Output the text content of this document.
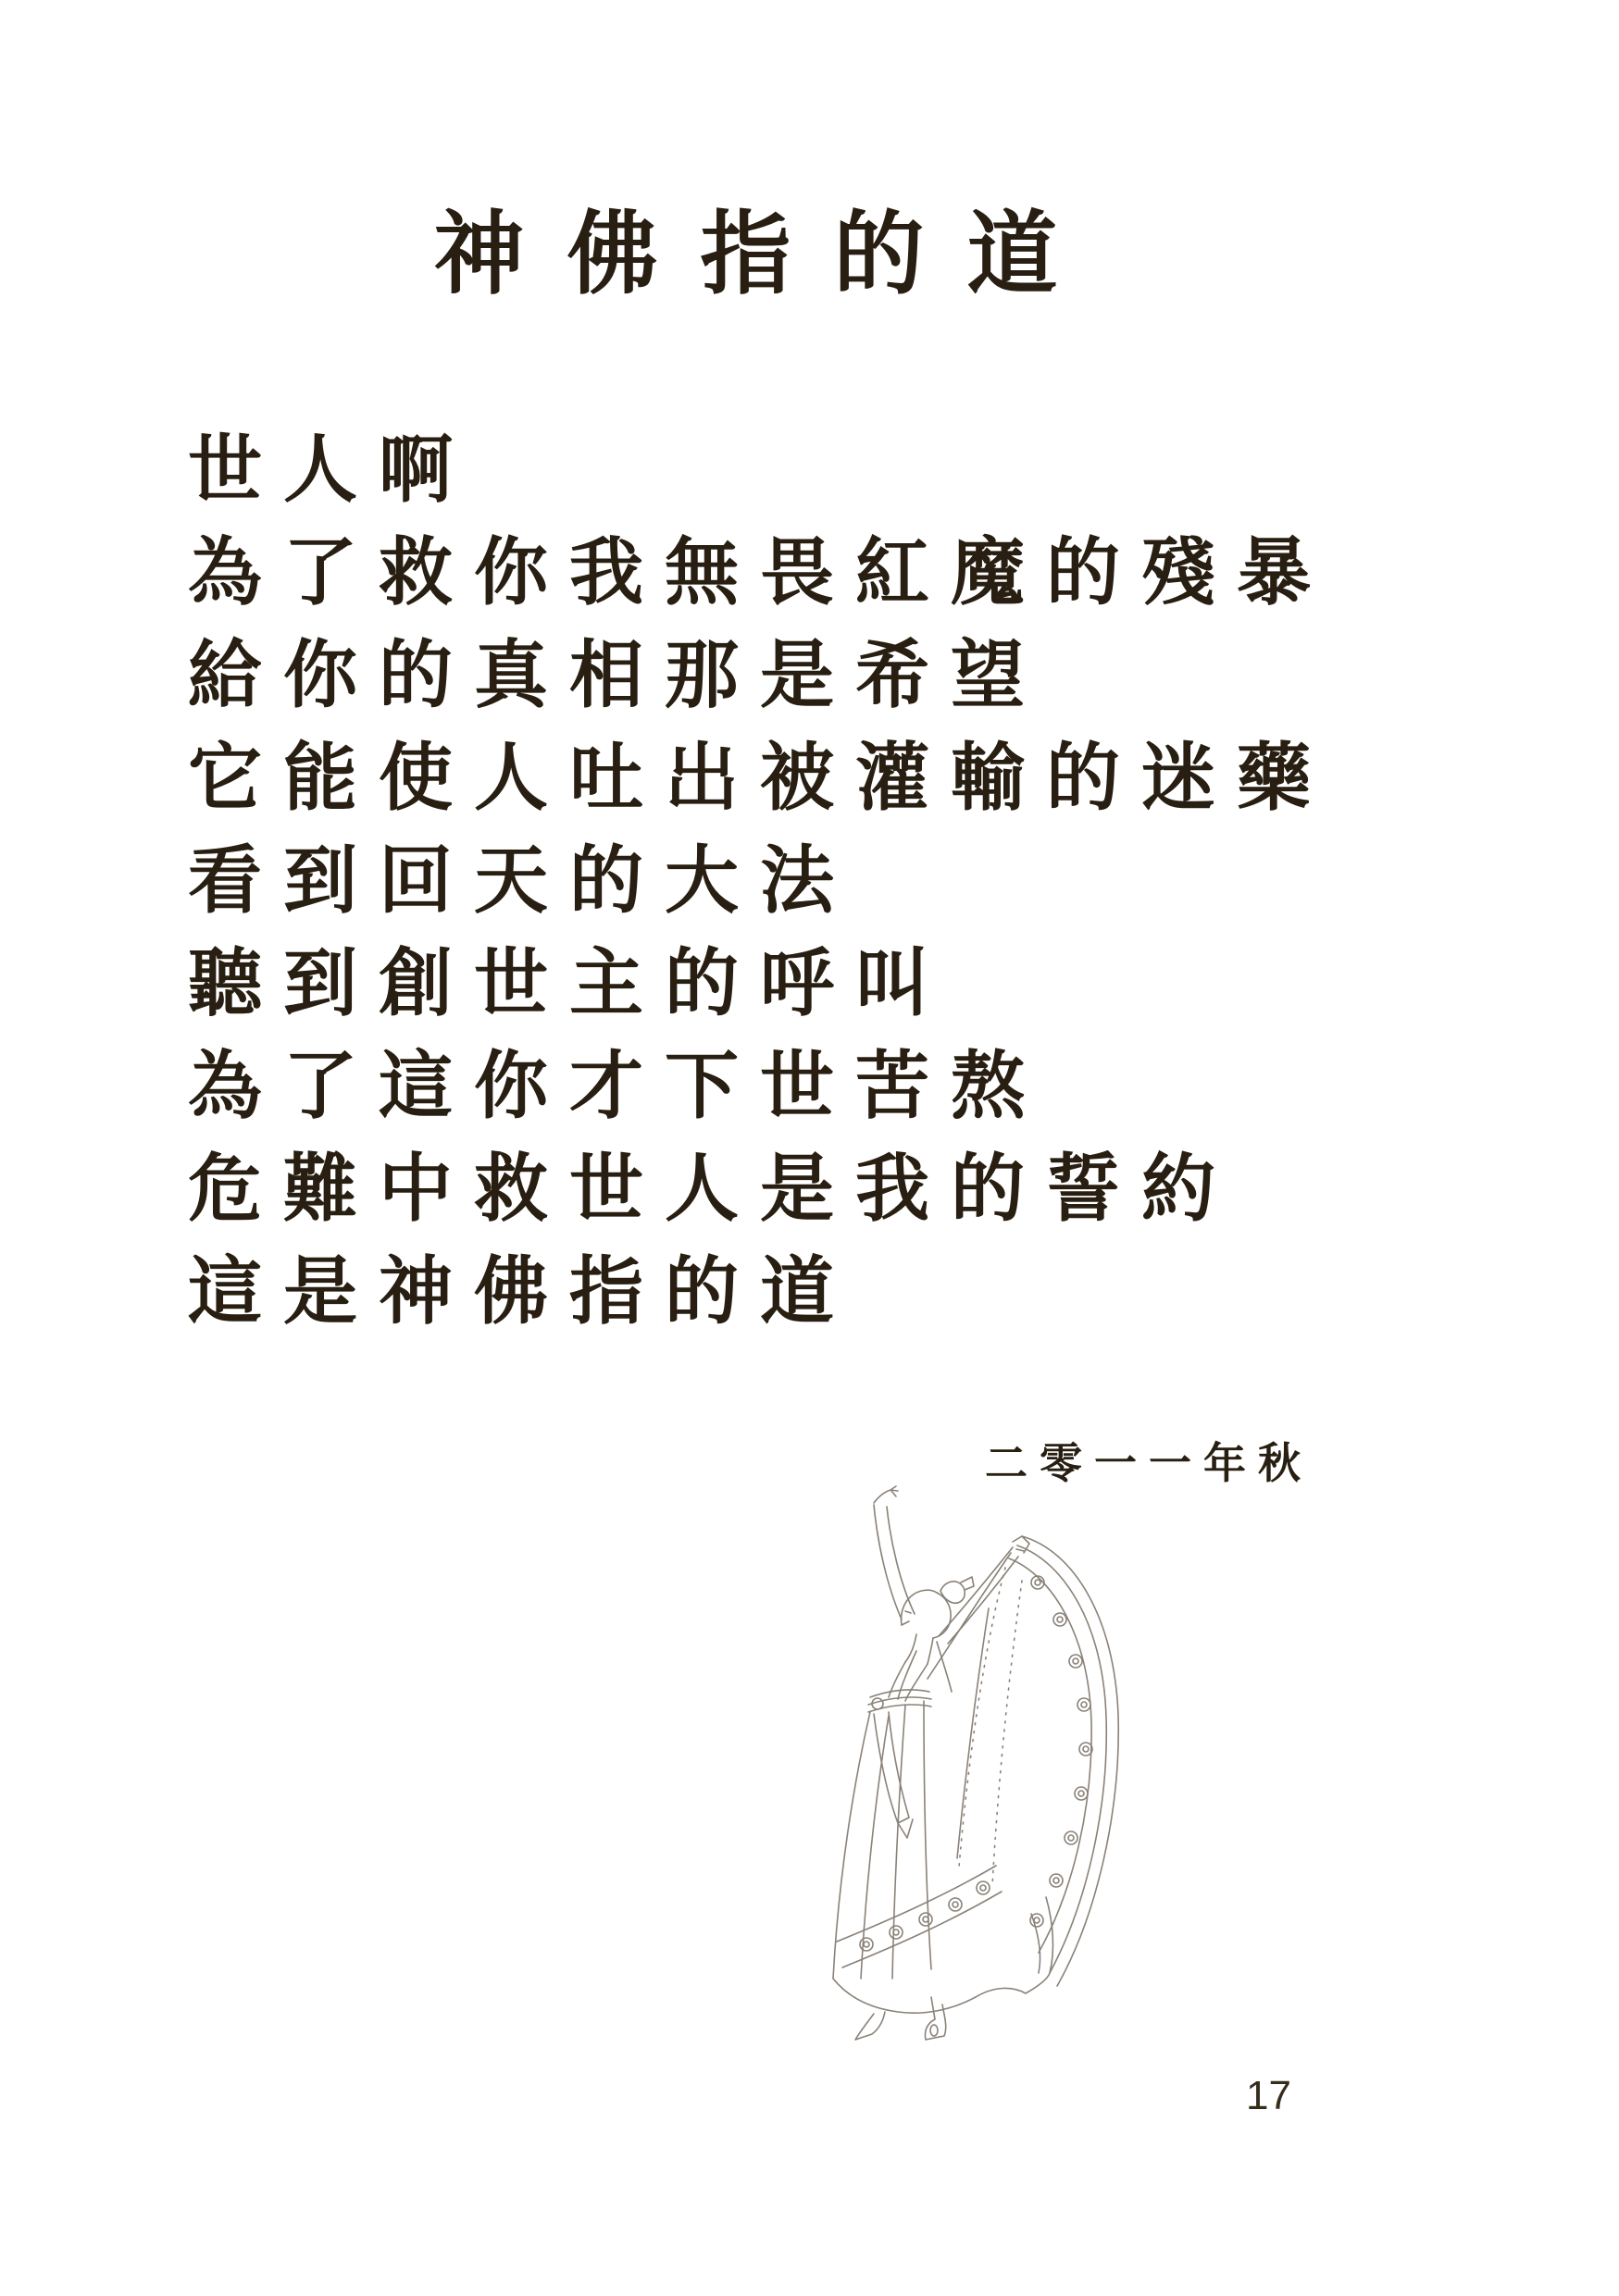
神佛指的道
世人啊
為了救你我無畏紅魔的殘暴
給你的真相那是希望
它能使人吐出被灌輸的迷藥
看到回天的大法
聽到創世主的呼叫
為了這你才下世苦熬
危難中救世人是我的誓約
這是神佛指的道
二零一一年秋
17
